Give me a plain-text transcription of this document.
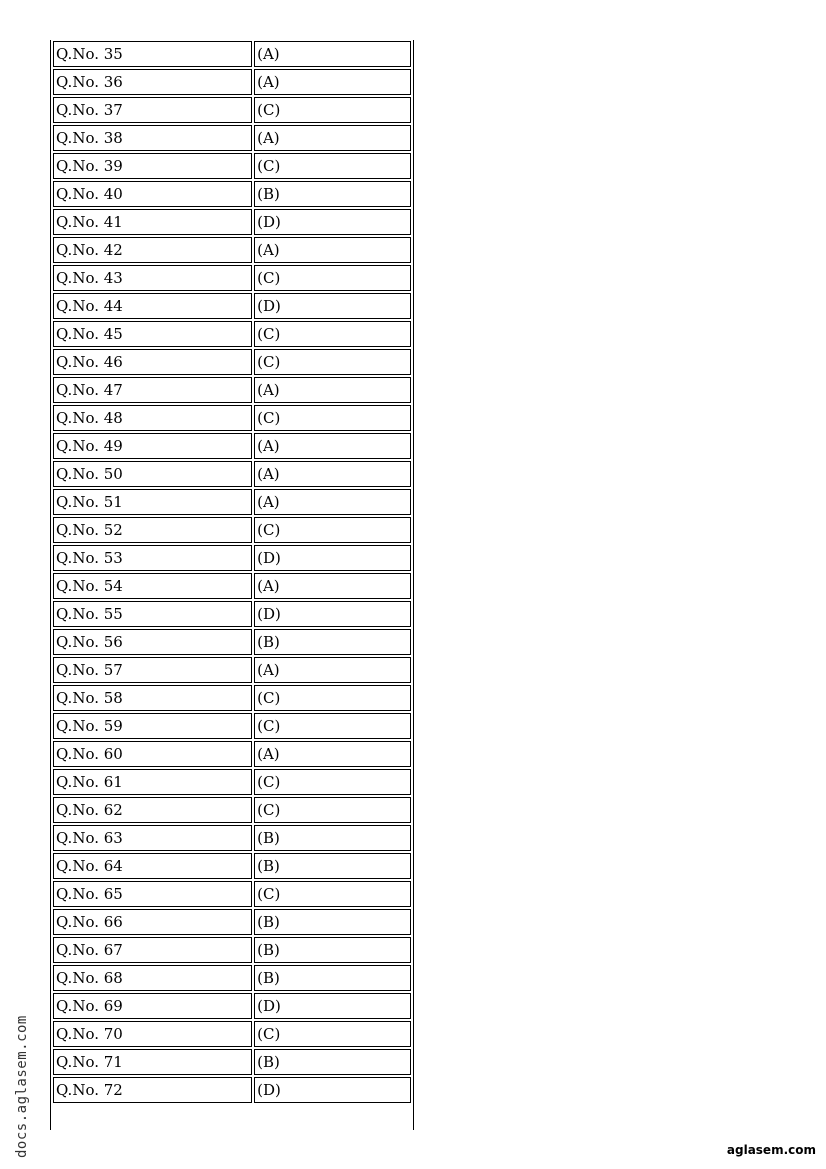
Q.No. 35	(A)
Q.No. 36	(A)
Q.No. 37	(C)
Q.No. 38	(A)
Q.No. 39	(C)
Q.No. 40	(B)
Q.No. 41	(D)
Q.No. 42	(A)
Q.No. 43	(C)
Q.No. 44	(D)
Q.No. 45	(C)
Q.No. 46	(C)
Q.No. 47	(A)
Q.No. 48	(C)
Q.No. 49	(A)
Q.No. 50	(A)
Q.No. 51	(A)
Q.No. 52	(C)
Q.No. 53	(D)
Q.No. 54	(A)
Q.No. 55	(D)
Q.No. 56	(B)
Q.No. 57	(A)
Q.No. 58	(C)
Q.No. 59	(C)
Q.No. 60	(A)
Q.No. 61	(C)
Q.No. 62	(C)
Q.No. 63	(B)
Q.No. 64	(B)
Q.No. 65	(C)
Q.No. 66	(B)
Q.No. 67	(B)
Q.No. 68	(B)
Q.No. 69	(D)
Q.No. 70	(C)
Q.No. 71	(B)
Q.No. 72	(D)
docs.aglasem.com	aglasem.com
